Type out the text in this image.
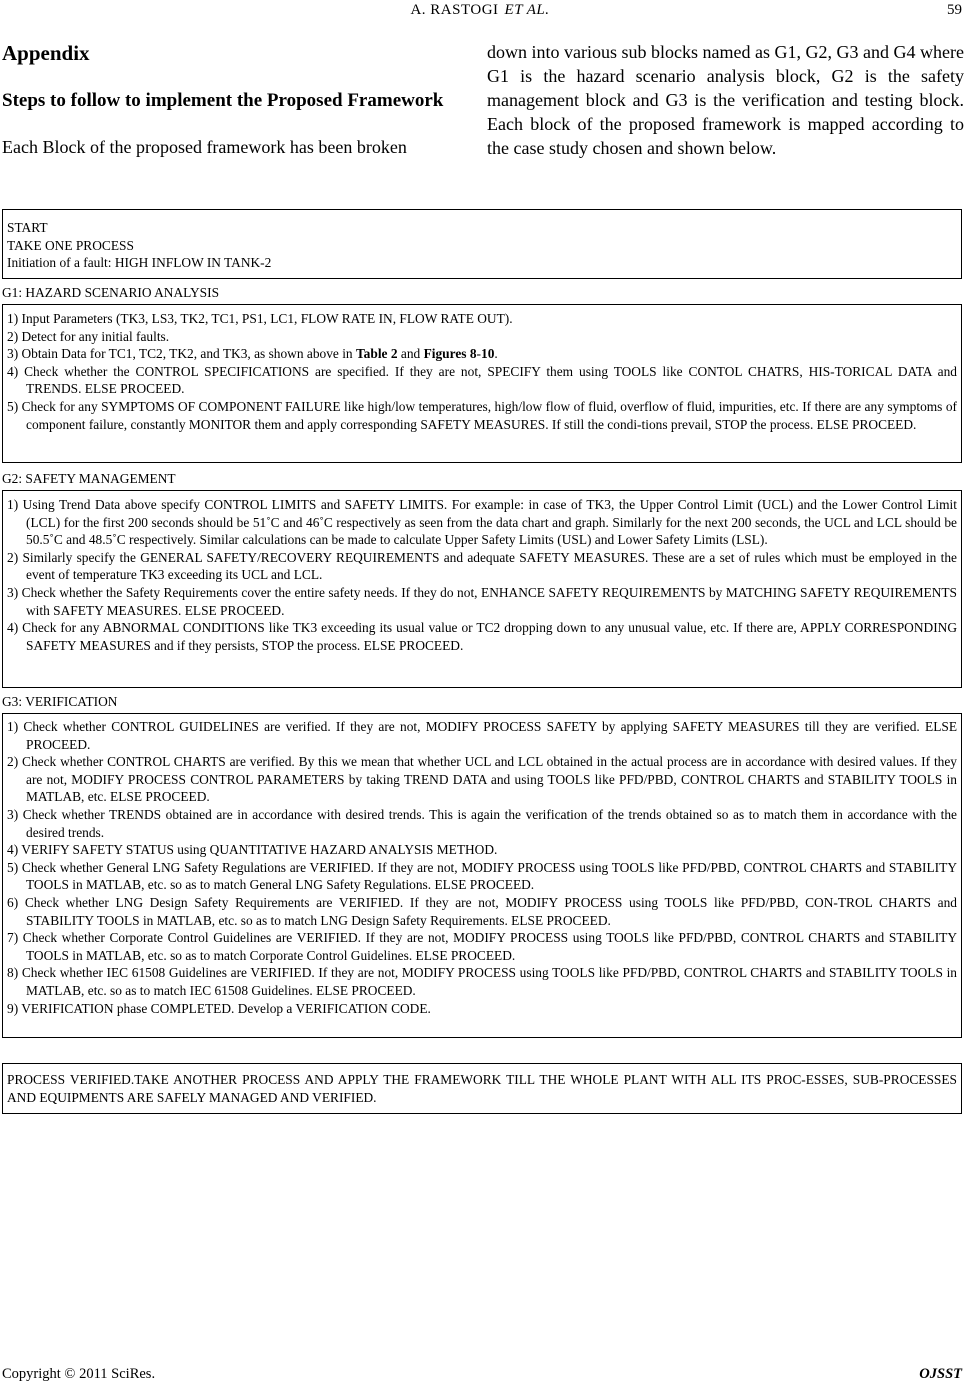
A. RASTOGI ET AL.	59
Appendix
Steps to follow to implement the Proposed Framework

Each Block of the proposed framework has been broken

down into various sub blocks named as G1, G2, G3 and G4 where G1 is the hazard scenario analysis block, G2 is the safety management block and G3 is the verification and testing block. Each block of the proposed framework is mapped according to the case study chosen and shown below.

START
TAKE ONE PROCESS
Initiation of a fault: HIGH INFLOW IN TANK-2
G1: HAZARD SCENARIO ANALYSIS
1) Input Parameters (TK3, LS3, TK2, TC1, PS1, LC1, FLOW RATE IN, FLOW RATE OUT).
2) Detect for any initial faults.
3) Obtain Data for TC1, TC2, TK2, and TK3, as shown above in Table 2 and Figures 8-10.
4) Check whether the CONTROL SPECIFICATIONS are specified. If they are not, SPECIFY them using TOOLS like CONTOL CHATRS, HIS-TORICAL DATA and TRENDS. ELSE PROCEED.
5) Check for any SYMPTOMS OF COMPONENT FAILURE like high/low temperatures, high/low flow of fluid, overflow of fluid, impurities, etc. If there are any symptoms of component failure, constantly MONITOR them and apply corresponding SAFETY MEASURES. If still the condi-tions prevail, STOP the process. ELSE PROCEED.
G2: SAFETY MANAGEMENT
1) Using Trend Data above specify CONTROL LIMITS and SAFETY LIMITS. For example: in case of TK3, the Upper Control Limit (UCL) and the Lower Control Limit (LCL) for the first 200 seconds should be 51˚C and 46˚C respectively as seen from the data chart and graph. Similarly for the next 200 seconds, the UCL and LCL should be 50.5˚C and 48.5˚C respectively. Similar calculations can be made to calculate Upper Safety Limits (USL) and Lower Safety Limits (LSL).
2) Similarly specify the GENERAL SAFETY/RECOVERY REQUIREMENTS and adequate SAFETY MEASURES. These are a set of rules which must be employed in the event of temperature TK3 exceeding its UCL and LCL.
3) Check whether the Safety Requirements cover the entire safety needs. If they do not, ENHANCE SAFETY REQUIREMENTS by MATCHING SAFETY REQUIREMENTS with SAFETY MEASURES. ELSE PROCEED.
4) Check for any ABNORMAL CONDITIONS like TK3 exceeding its usual value or TC2 dropping down to any unusual value, etc. If there are, APPLY CORRESPONDING SAFETY MEASURES and if they persists, STOP the process. ELSE PROCEED.
G3: VERIFICATION
1) Check whether CONTROL GUIDELINES are verified. If they are not, MODIFY PROCESS SAFETY by applying SAFETY MEASURES till they are verified. ELSE PROCEED.
2) Check whether CONTROL CHARTS are verified. By this we mean that whether UCL and LCL obtained in the actual process are in accordance with desired values. If they are not, MODIFY PROCESS CONTROL PARAMETERS by taking TREND DATA and using TOOLS like PFD/PBD, CONTROL CHARTS and STABILITY TOOLS in MATLAB, etc. ELSE PROCEED.
3) Check whether TRENDS obtained are in accordance with desired trends. This is again the verification of the trends obtained so as to match them in accordance with the desired trends.
4) VERIFY SAFETY STATUS using QUANTITATIVE HAZARD ANALYSIS METHOD.
5) Check whether General LNG Safety Regulations are VERIFIED. If they are not, MODIFY PROCESS using TOOLS like PFD/PBD, CONTROL CHARTS and STABILITY TOOLS in MATLAB, etc. so as to match General LNG Safety Regulations. ELSE PROCEED.
6) Check whether LNG Design Safety Requirements are VERIFIED. If they are not, MODIFY PROCESS using TOOLS like PFD/PBD, CON-TROL CHARTS and STABILITY TOOLS in MATLAB, etc. so as to match LNG Design Safety Requirements. ELSE PROCEED.
7) Check whether Corporate Control Guidelines are VERIFIED. If they are not, MODIFY PROCESS using TOOLS like PFD/PBD, CONTROL CHARTS and STABILITY TOOLS in MATLAB, etc. so as to match Corporate Control Guidelines. ELSE PROCEED.
8) Check whether IEC 61508 Guidelines are VERIFIED. If they are not, MODIFY PROCESS using TOOLS like PFD/PBD, CONTROL CHARTS and STABILITY TOOLS in MATLAB, etc. so as to match IEC 61508 Guidelines. ELSE PROCEED.
9) VERIFICATION phase COMPLETED. Develop a VERIFICATION CODE.
PROCESS VERIFIED.TAKE ANOTHER PROCESS AND APPLY THE FRAMEWORK TILL THE WHOLE PLANT WITH ALL ITS PROC-ESSES, SUB-PROCESSES AND EQUIPMENTS ARE SAFELY MANAGED AND VERIFIED.
Copyright © 2011 SciRes.	OJSST
